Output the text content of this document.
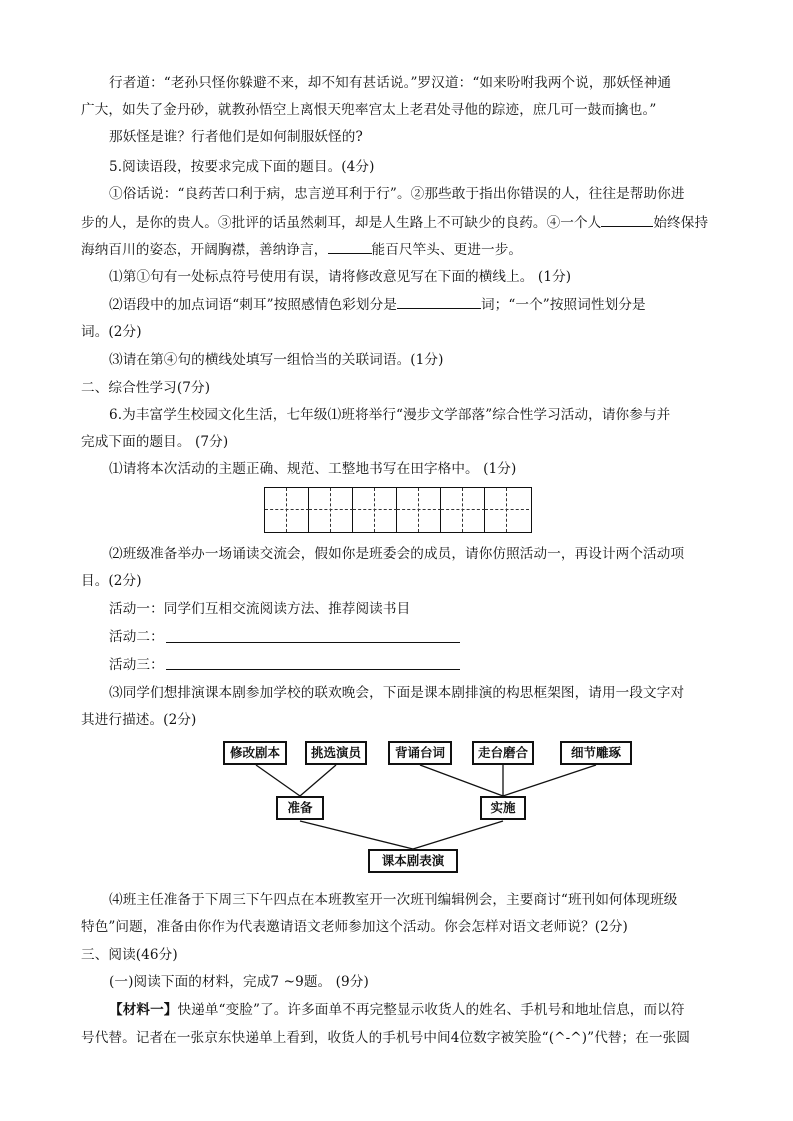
行者道：“老孙只怪你躲避不来，却不知有甚话说。”罗汉道：“如来吩咐我两个说，那妖怪神通
广大，如失了金丹砂，就教孙悟空上离恨天兜率宫太上老君处寻他的踪迹，庶几可一鼓而擒也。”
那妖怪是谁？行者他们是如何制服妖怪的?
5.阅读语段，按要求完成下面的题目。(4分)
①俗话说：“良药苦口利于病，忠言逆耳利于行”。②那些敢于指出你错误的人，往往是帮助你进
步的人，是你的贵人。③批评的话虽然刺耳，却是人生路上不可缺少的良药。④一个人	始终保持
海纳百川的姿态，开阔胸襟，善纳诤言，	能百尺竿头、更进一步。
⑴第①句有一处标点符号使用有误，请将修改意见写在下面的横线上。 (1分)
⑵语段中的加点词语“刺耳”按照感情色彩划分是	词；“一个”按照词性划分是
词。(2分)
⑶请在第④句的横线处填写一组恰当的关联词语。(1分)
二、综合性学习(7分)
6.为丰富学生校园文化生活，七年级⑴班将举行“漫步文学部落”综合性学习活动，请你参与并
完成下面的题目。 (7分)
⑴请将本次活动的主题正确、规范、工整地书写在田字格中。 (1分)
⑵班级准备举办一场诵读交流会，假如你是班委会的成员，请你仿照活动一，再设计两个活动项
目。(2分)
活动一：同学们互相交流阅读方法、推荐阅读书目
活动二：
活动三：
⑶同学们想排演课本剧参加学校的联欢晚会，下面是课本剧排演的构思框架图，请用一段文字对
其进行描述。(2分)
修改剧本	挑选演员	背诵台词	走台磨合	细节雕琢
准备	实施
课本剧表演
⑷班主任准备于下周三下午四点在本班教室开一次班刊编辑例会，主要商讨“班刊如何体现班级
特色”问题，准备由你作为代表邀请语文老师参加这个活动。你会怎样对语文老师说？(2分)
三、阅读(46分)
(一)阅读下面的材料，完成7 ~9题。 (9分)
【材料一】快递单“变脸”了。许多面单不再完整显示收货人的姓名、手机号和地址信息，而以符
号代替。记者在一张京东快递单上看到，收货人的手机号中间4位数字被笑脸“(^-^)”代替；在一张圆
